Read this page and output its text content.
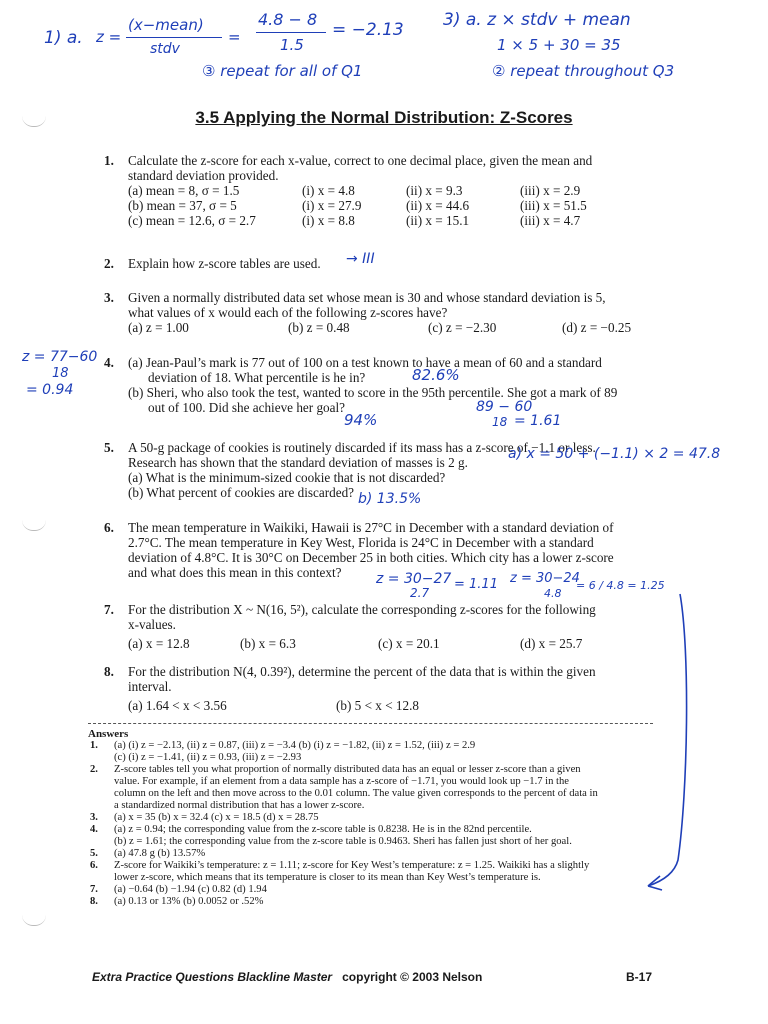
1) a. z =
(x−mean)
stdv
=
4.8 − 8
1.5
= −2.13
③ repeat for all of Q1
3) a. z × stdv + mean
1 × 5 + 30 = 35
② repeat throughout Q3
3.5 Applying the Normal Distribution: Z-Scores
1. Calculate the z-score for each x-value, correct to one decimal place, given the mean and
standard deviation provided.
(a) mean = 8, σ = 1.5	(i) x = 4.8	(ii) x = 9.3	(iii) x = 2.9
(b) mean = 37, σ = 5	(i) x = 27.9	(ii) x = 44.6	(iii) x = 51.5
(c) mean = 12.6, σ = 2.7	(i) x = 8.8	(ii) x = 15.1	(iii) x = 4.7
2. Explain how z-score tables are used.	→ III
3. Given a normally distributed data set whose mean is 30 and whose standard deviation is 5,
what values of x would each of the following z-scores have?
(a) z = 1.00	(b) z = 0.48	(c) z = −2.30	(d) z = −0.25
z = 77−60
18
= 0.94
4. (a) Jean-Paul’s mark is 77 out of 100 on a test known to have a mean of 60 and a standard
deviation of 18. What percentile is he in?
(b) Sheri, who also took the test, wanted to score in the 95th percentile. She got a mark of 89
out of 100. Did she achieve her goal?
82.6%
94%
89 − 60
18 = 1.61
5. A 50-g package of cookies is routinely discarded if its mass has a z-score of −1.1 or less.
Research has shown that the standard deviation of masses is 2 g.
(a) What is the minimum-sized cookie that is not discarded?
(b) What percent of cookies are discarded?
a) x = 50 + (−1.1) × 2 = 47.8
b) 13.5%
6. The mean temperature in Waikiki, Hawaii is 27°C in December with a standard deviation of
2.7°C. The mean temperature in Key West, Florida is 24°C in December with a standard
deviation of 4.8°C. It is 30°C on December 25 in both cities. Which city has a lower z-score
and what does this mean in this context?	z = 30−27
2.7
= 1.11 z = 30−24
4.8
= 6 / 4.8 = 1.25
7. For the distribution X ~ N(16, 5²), calculate the corresponding z-scores for the following
x-values.
(a) x = 12.8	(b) x = 6.3	(c) x = 20.1	(d) x = 25.7
8. For the distribution N(4, 0.39²), determine the percent of the data that is within the given
interval.
(a) 1.64 < x < 3.56	(b) 5 < x < 12.8
Answers
1. (a) (i) z = −2.13, (ii) z = 0.87, (iii) z = −3.4 (b) (i) z = −1.82, (ii) z = 1.52, (iii) z = 2.9
(c) (i) z = −1.41, (ii) z = 0.93, (iii) z = −2.93
2. Z-score tables tell you what proportion of normally distributed data has an equal or lesser z-score than a given
value. For example, if an element from a data sample has a z-score of −1.71, you would look up −1.7 in the
column on the left and then move across to the 0.01 column. The value given corresponds to the percent of data in
a standardized normal distribution that has a lower z-score.
3. (a) x = 35 (b) x = 32.4 (c) x = 18.5 (d) x = 28.75
4. (a) z = 0.94; the corresponding value from the z-score table is 0.8238. He is in the 82nd percentile.
(b) z = 1.61; the corresponding value from the z-score table is 0.9463. Sheri has fallen just short of her goal.
5. (a) 47.8 g (b) 13.57%
6. Z-score for Waikiki’s temperature: z = 1.11; z-score for Key West’s temperature: z = 1.25. Waikiki has a slightly
lower z-score, which means that its temperature is closer to its mean than Key West’s temperature is.
7. (a) −0.64 (b) −1.94 (c) 0.82 (d) 1.94
8. (a) 0.13 or 13% (b) 0.0052 or .52%
Extra Practice Questions Blackline Master copyright © 2003 Nelson	B-17
